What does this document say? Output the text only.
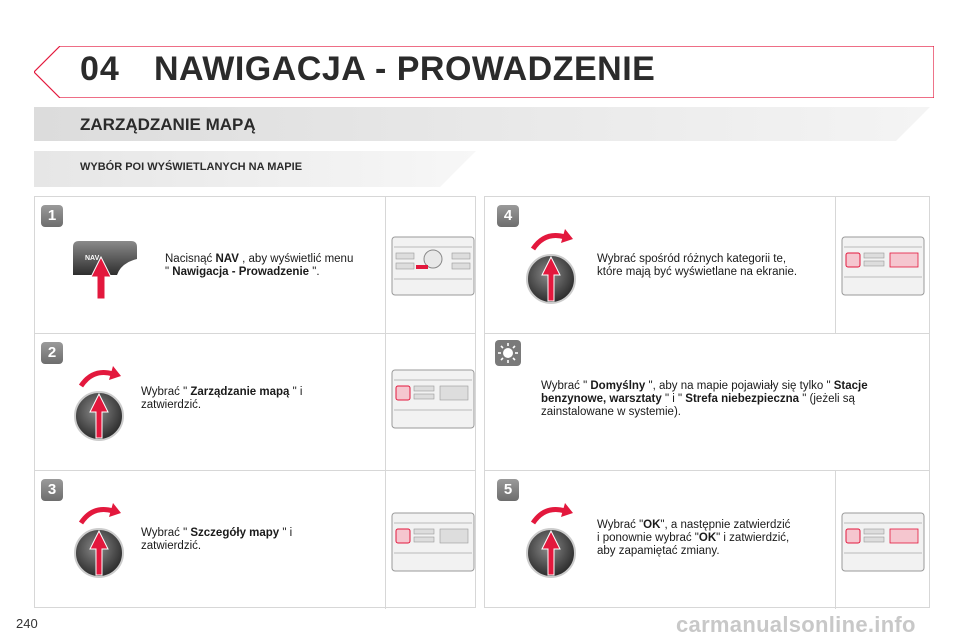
04 NAWIGACJA - PROWADZENIE
ZARZĄDZANIE MAPĄ
WYBÓR POI WYŚWIETLANYCH NA MAPIE
1
NAV	Nacisnąć NAV , aby wyświetlić menu
" Nawigacja - Prowadzenie ".
2
Wybrać " Zarządzanie mapą " i
zatwierdzić.
3
Wybrać " Szczegóły mapy " i
zatwierdzić.
4
Wybrać spośród różnych kategorii te,
które mają być wyświetlane na ekranie.
Wybrać " Domyślny ", aby na mapie pojawiały się tylko " Stacje
benzynowe, warsztaty " i " Strefa niebezpieczna " (jeżeli są
zainstalowane w systemie).
5
Wybrać "OK", a następnie zatwierdzić
i ponownie wybrać "OK" i zatwierdzić,
aby zapamiętać zmiany.
240	carmanualsonline.info
